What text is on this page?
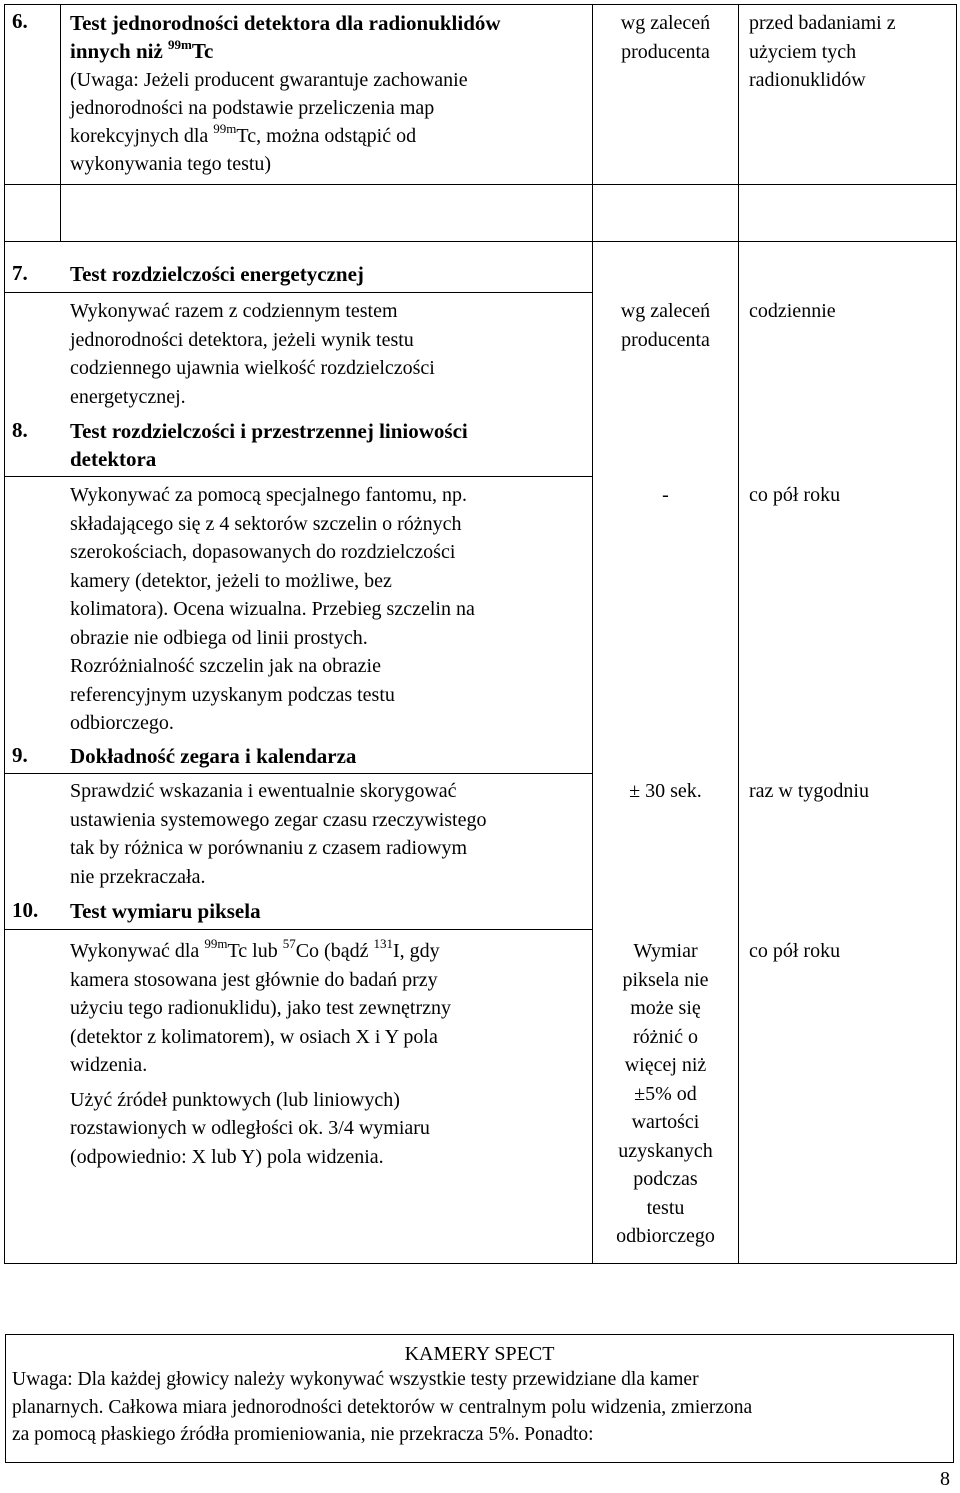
6. Test jednorodności detektora dla radionuklidów
innych niż $^{99m}$Tc
(Uwaga: Jeżeli producent gwarantuje zachowanie
jednorodności na podstawie przeliczenia map
korekcyjnych dla $^{99m}$Tc, można odstąpić od
wykonywania tego testu)
wg zaleceń
producenta
przed badaniami z
użyciem tych
radionuklidów
7. Test rozdzielczości energetycznej
Wykonywać razem z codziennym testem
jednorodności detektora, jeżeli wynik testu
codziennego ujawnia wielkość rozdzielczości
energetycznej.
wg zaleceń
producenta
codziennie
8. Test rozdzielczości i przestrzennej liniowości
detektora
Wykonywać za pomocą specjalnego fantomu, np.
składającego się z 4 sektorów szczelin o różnych
szerokościach, dopasowanych do rozdzielczości
kamery (detektor, jeżeli to możliwe, bez
kolimatora). Ocena wizualna. Przebieg szczelin na
obrazie nie odbiega od linii prostych.
Rozróżnialność szczelin jak na obrazie
referencyjnym uzyskanym podczas testu
odbiorczego.
-	co pół roku
9. Dokładność zegara i kalendarza
Sprawdzić wskazania i ewentualnie skorygować
ustawienia systemowego zegar czasu rzeczywistego
tak by różnica w porównaniu z czasem radiowym
nie przekraczała.
± 30 sek.	raz w tygodniu
10. Test wymiaru piksela
Wykonywać dla $^{99m}$Tc lub $^{57}$Co (bądź $^{131}$I, gdy
kamera stosowana jest głównie do badań przy
użyciu tego radionuklidu), jako test zewnętrzny
(detektor z kolimatorem), w osiach X i Y pola
widzenia.
Użyć źródeł punktowych (lub liniowych)
rozstawionych w odległości ok. 3/4 wymiaru
(odpowiednio: X lub Y) pola widzenia.
Wymiar
piksela nie
może się
różnić o
więcej niż
±5% od
wartości
uzyskanych
podczas
testu
odbiorczego
co pół roku
KAMERY SPECT
Uwaga: Dla każdej głowicy należy wykonywać wszystkie testy przewidziane dla kamer
planarnych. Całkowa miara jednorodności detektorów w centralnym polu widzenia, zmierzona
za pomocą płaskiego źródła promieniowania, nie przekracza 5%. Ponadto:
8
